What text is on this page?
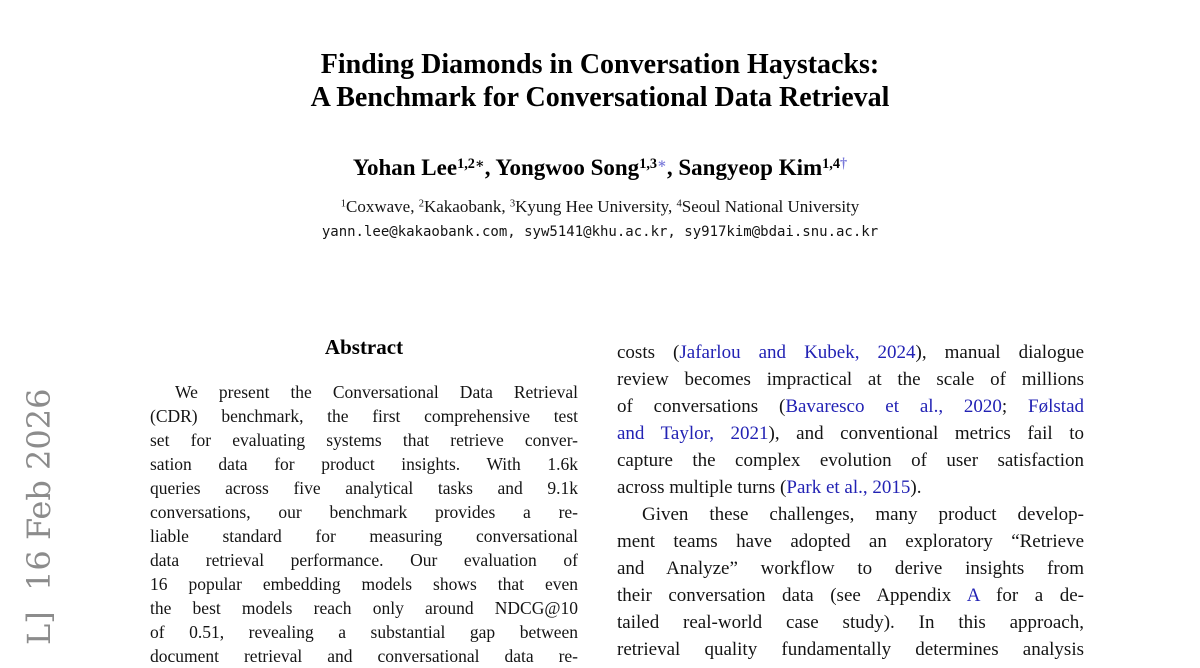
L]  16 Feb 2026
Finding Diamonds in Conversation Haystacks:
A Benchmark for Conversational Data Retrieval
Yohan Lee$^{1,2∗}$, Yongwoo Song$^{1,3∗}$, Sangyeop Kim$^{1,4\dagger}$
$^1$Coxwave, $^2$Kakaobank, $^3$Kyung Hee University, $^4$Seoul National University
yann.lee@kakaobank.com, syw5141@khu.ac.kr, sy917kim@bdai.snu.ac.kr
Abstract
We present the Conversational Data Retrieval
(CDR) benchmark, the first comprehensive test
set for evaluating systems that retrieve conver-
sation data for product insights. With 1.6k
queries across five analytical tasks and 9.1k
conversations, our benchmark provides a re-
liable standard for measuring conversational
data retrieval performance. Our evaluation of
16 popular embedding models shows that even
the best models reach only around NDCG@10
of 0.51, revealing a substantial gap between
document retrieval and conversational data re-
costs (Jafarlou and Kubek, 2024), manual dialogue
review becomes impractical at the scale of millions
of conversations (Bavaresco et al., 2020; Følstad
and Taylor, 2021), and conventional metrics fail to
capture the complex evolution of user satisfaction
across multiple turns (Park et al., 2015).
Given these challenges, many product develop-
ment teams have adopted an exploratory “Retrieve
and Analyze” workflow to derive insights from
their conversation data (see Appendix A for a de-
tailed real-world case study). In this approach,
retrieval quality fundamentally determines analysis
